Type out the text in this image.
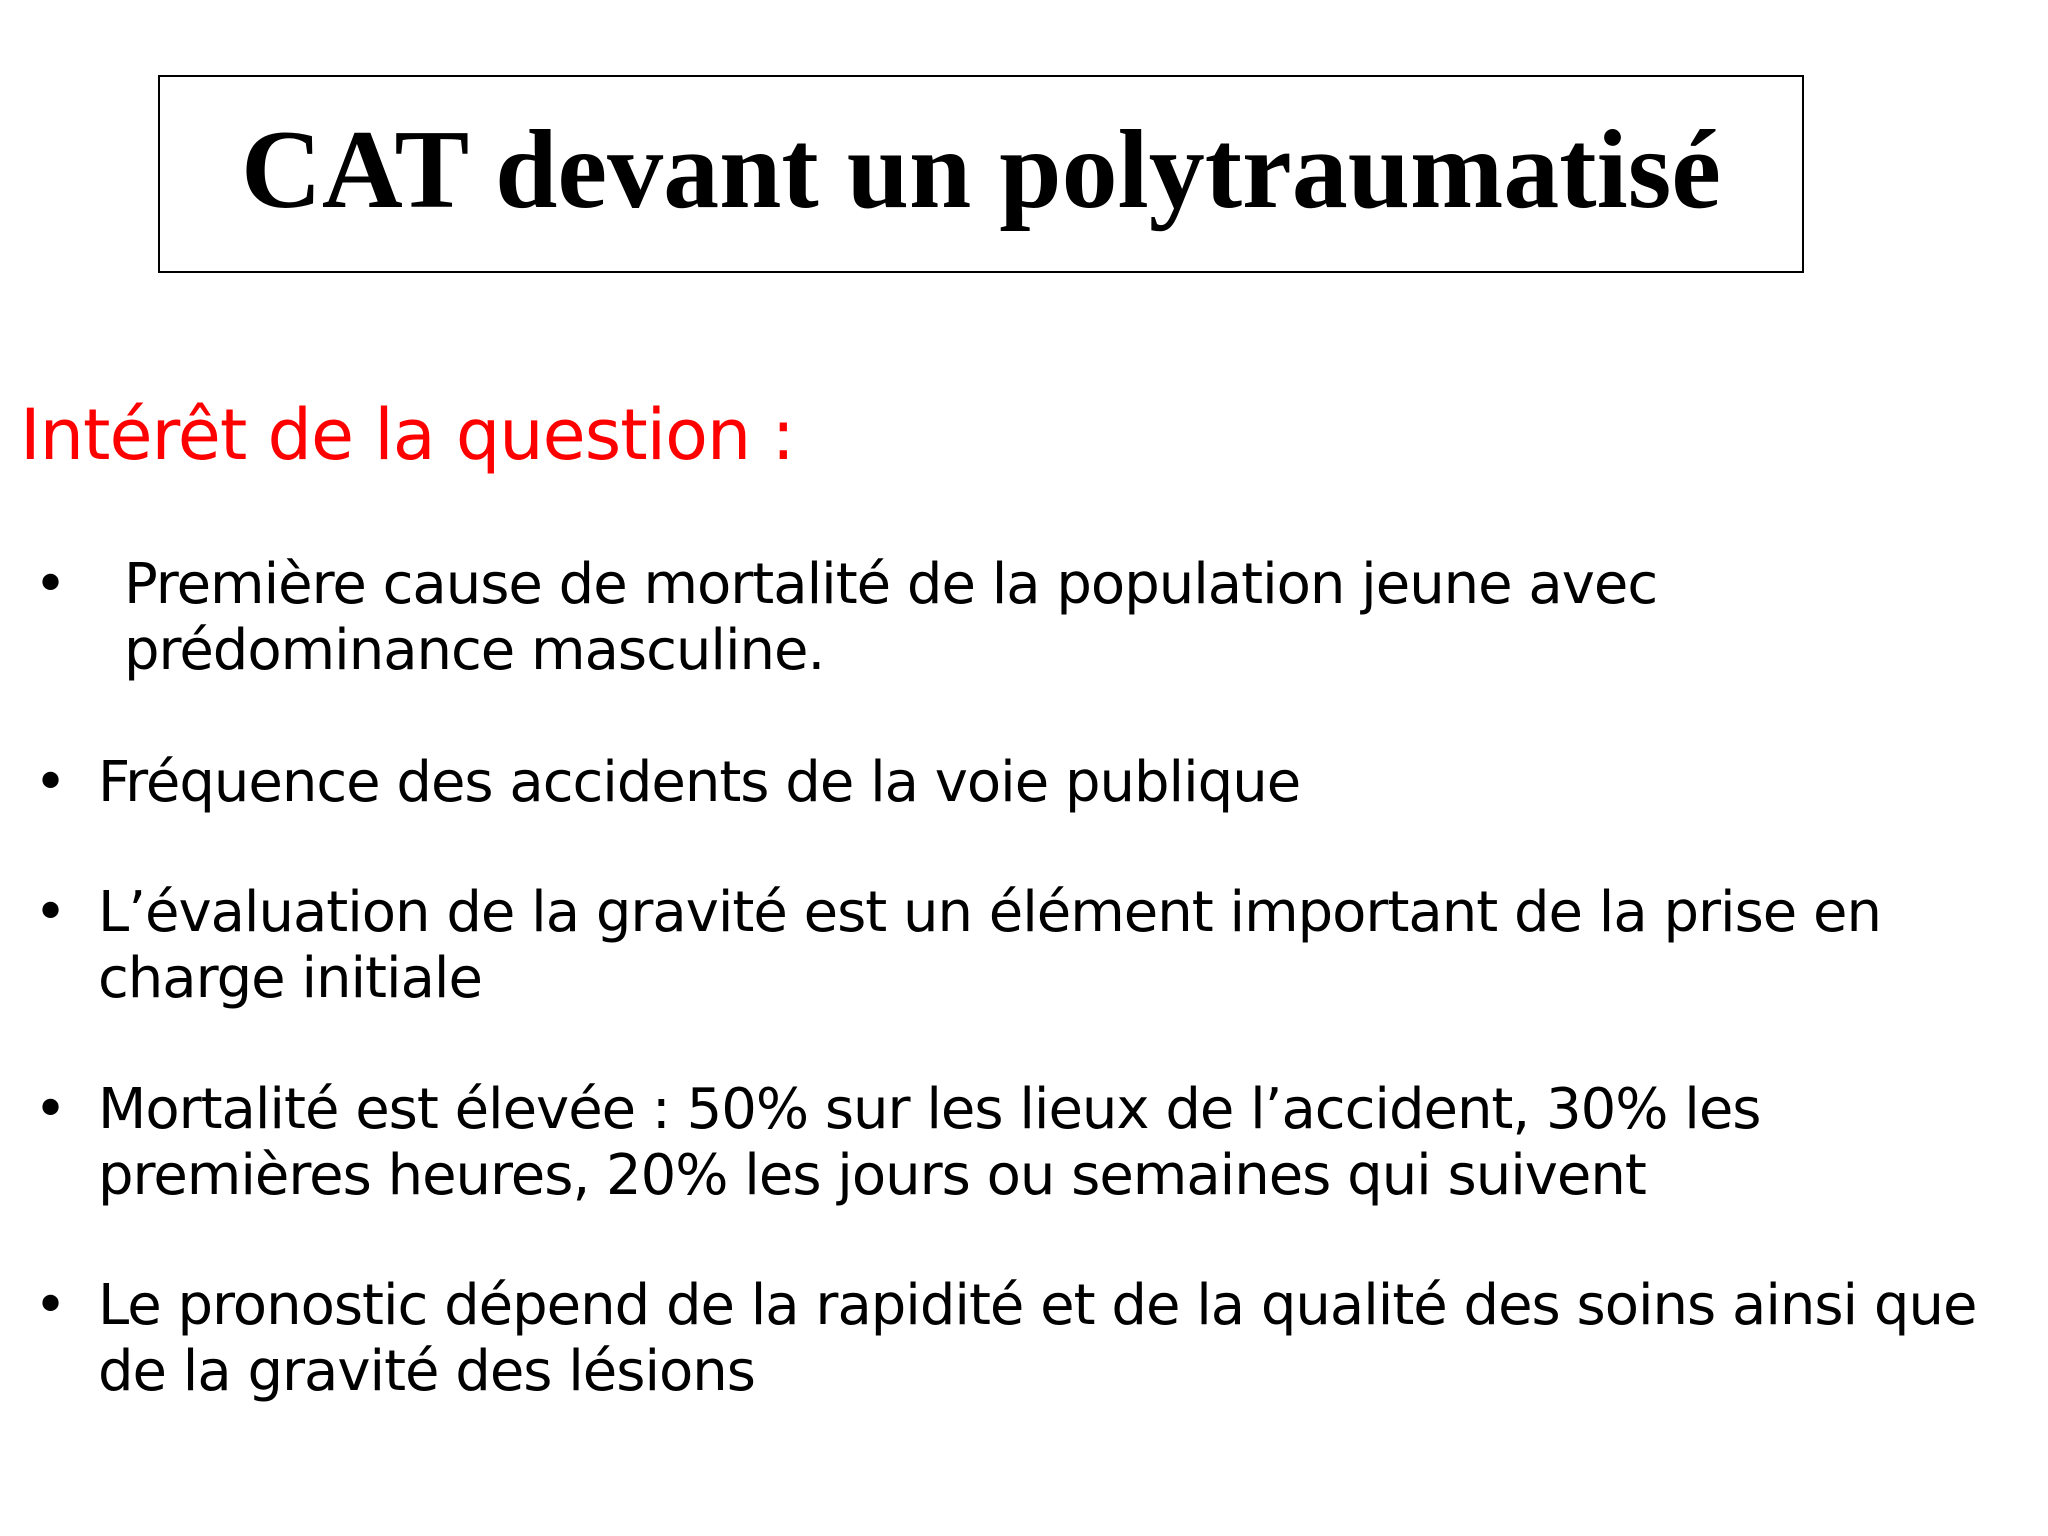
CAT devant un polytraumatisé
Intérêt de la question :
•	Première cause de mortalité de la population jeune avec prédominance masculine.
• Fréquence des accidents de la voie publique
• L’évaluation de la gravité est un élément important de la prise en charge initiale
• Mortalité est élevée : 50% sur les lieux de l’accident, 30% les premières heures, 20% les jours ou semaines qui suivent
• Le pronostic dépend de la rapidité et de la qualité des soins ainsi que de la gravité des lésions
